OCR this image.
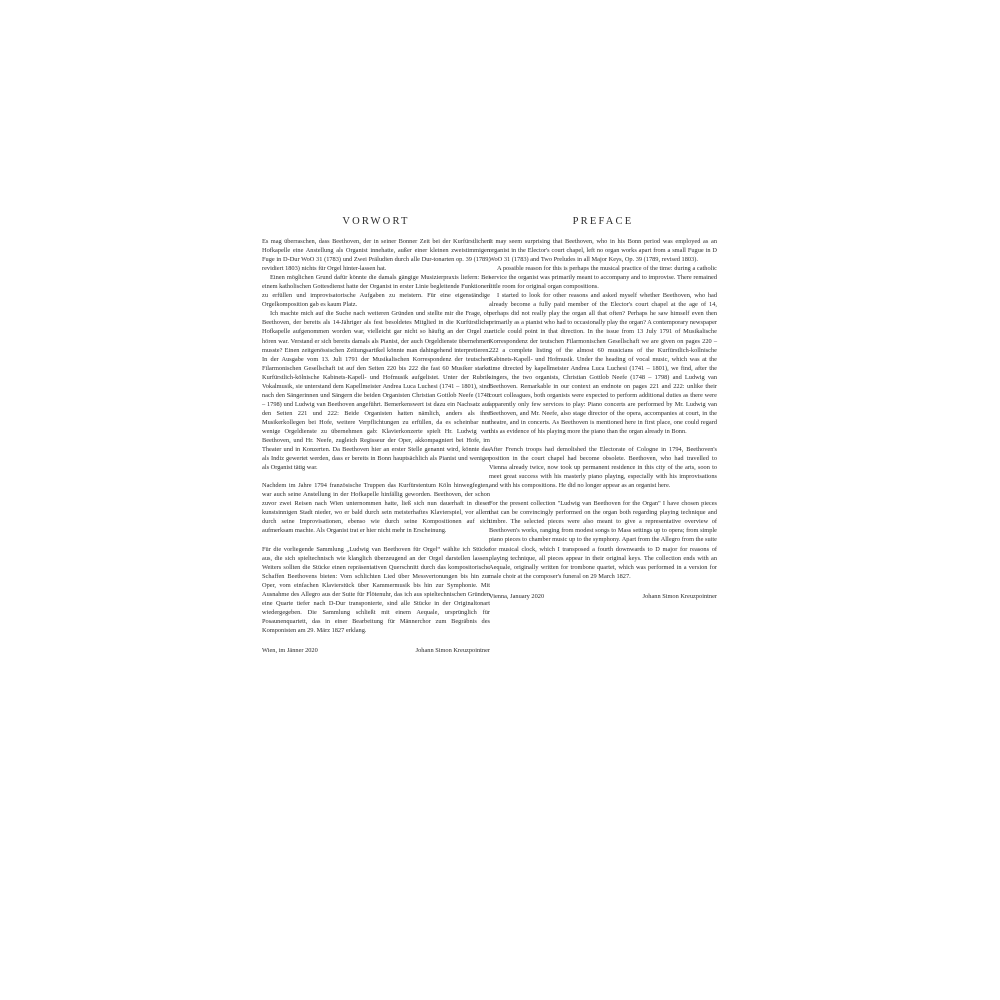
VORWORT

Es mag überraschen, dass Beethoven, der in seiner Bonner Zeit bei der Kurfürstlichen Hofkapelle eine Anstellung als Organist innehatte, außer einer kleinen zweistimmigen Fuge in D-Dur WoO 31 (1783) und Zwei Präludien durch alle Dur-tonarten op. 39 (1789, revidiert 1803) nichts für Orgel hinter-lassen hat.

Einen möglichen Grund dafür könnte die damals gängige Musizierpraxis liefern: Bei einem katholischen Gottesdienst hatte der Organist in erster Linie begleitende Funktionen zu erfüllen und improvisatorische Aufgaben zu meistern. Für eine eigenständige Orgelkomposition gab es kaum Platz.

Ich machte mich auf die Suche nach weiteren Gründen und stellte mir die Frage, ob Beethoven, der bereits als 14-Jähriger als fest besoldetes Mitglied in die Kurfürstliche Hofkapelle aufgenommen worden war, vielleicht gar nicht so häufig an der Orgel zu hören war. Verstand er sich bereits damals als Pianist, der auch Orgeldienste übernehmen musste? Einen zeitgenössischen Zeitungsartikel könnte man dahingehend interpretieren. In der Ausgabe vom 13. Juli 1791 der Musikalischen Korrespondenz der teutschen Filarmonischen Gesellschaft ist auf den Seiten 220 bis 222 die fast 60 Musiker starke Kurfürstlich-kölnische Kabinets-Kapell- und Hofmusik aufgelistet. Unter der Rubrik Vokalmusik, sie unterstand dem Kapellmeister Andrea Luca Luchesi (1741 – 1801), sind nach den Sängerinnen und Sängern die beiden Organisten Christian Gottlob Neefe (1748 – 1798) und Ludwig van Beethoven angeführt. Bemerkenswert ist dazu ein Nachsatz auf den Seiten 221 und 222: Beide Organisten hatten nämlich, anders als ihre Musikerkollegen bei Hofe, weitere Verpflichtungen zu erfüllen, da es scheinbar nur wenige Orgeldienste zu übernehmen gab: Klavierkonzerte spielt Hr. Ludwig van Beethoven, und Hr. Neefe, zugleich Regisseur der Oper, akkompagniert bei Hofe, im Theater und in Konzerten. Da Beethoven hier an erster Stelle genannt wird, könnte das als Indiz gewertet werden, dass er bereits in Bonn hauptsächlich als Pianist und weniger als Organist tätig war.

Nachdem im Jahre 1794 französische Truppen das Kurfürstentum Köln hinwegfegten, war auch seine Anstellung in der Hofkapelle hinfällig geworden. Beethoven, der schon zuvor zwei Reisen nach Wien unternommen hatte, ließ sich nun dauerhaft in dieser kunstsinnigen Stadt nieder, wo er bald durch sein meisterhaftes Klavierspiel, vor allem durch seine Improvisationen, ebenso wie durch seine Kompositionen auf sich aufmerksam machte. Als Organist trat er hier nicht mehr in Erscheinung.

Für die vorliegende Sammlung „Ludwig van Beethoven für Orgel“ wählte ich Stücke aus, die sich spieltechnisch wie klanglich überzeugend an der Orgel darstellen lassen. Weiters sollten die Stücke einen repräsentativen Querschnitt durch das kompositorische Schaffen Beethovens bieten: Vom schlichten Lied über Messvertonungen bis hin zur Oper, vom einfachen Klavierstück über Kammermusik bis hin zur Symphonie. Mit Ausnahme des Allegro aus der Suite für Flötenuhr, das ich aus spieltechnischen Gründen eine Quarte tiefer nach D-Dur transponierte, sind alle Stücke in der Originaltonart wiedergegeben. Die Sammlung schließt mit einem Aequale, ursprünglich für Posaunenquartett, das in einer Bearbeitung für Männerchor zum Begräbnis des Komponisten am 29. März 1827 erklang.

Wien, im Jänner 2020	Johann Simon Kreuzpointner
PREFACE

It may seem surprising that Beethoven, who in his Bonn period was employed as an organist in the Elector's court chapel, left no organ works apart from a small Fugue in D WoO 31 (1783) and Two Preludes in all Major Keys, Op. 39 (1789, revised 1803).

A possible reason for this is perhaps the musical practice of the time: during a catholic service the organist was primarily meant to accompany and to improvise. There remained little room for original organ compositions.

I started to look for other reasons and asked myself whether Beethoven, who had already become a fully paid member of the Elector's court chapel at the age of 14, perhaps did not really play the organ all that often? Perhaps he saw himself even then primarily as a pianist who had to occasionally play the organ? A contemporary newspaper article could point in that direction. In the issue from 13 July 1791 of Musikalische Korrespondenz der teutschen Filarmonischen Gesellschaft we are given on pages 220 – 222 a complete listing of the almost 60 musicians of the Kurfürstlich-kollnische Kabinets-Kapell- und Hofmusik. Under the heading of vocal music, which was at the time directed by kapellmeister Andrea Luca Luchesi (1741 – 1801), we find, after the singers, the two organists, Christian Gottlob Neefe (1748 – 1798) and Ludwig van Beethoven. Remarkable in our context an endnote on pages 221 and 222: unlike their court colleagues, both organists were expected to perform additional duties as there were apparently only few services to play: Piano concerts are performed by Mr. Ludwig van Beethoven, and Mr. Neefe, also stage director of the opera, accompanies at court, in the theatre, and in concerts. As Beethoven is mentioned here in first place, one could regard this as evidence of his playing more the piano than the organ already in Bonn.

After French troops had demolished the Electorate of Cologne in 1794, Beethoven's position in the court chapel had become obsolete. Beethoven, who had travelled to Vienna already twice, now took up permanent residence in this city of the arts, soon to meet great success with his masterly piano playing, especially with his improvisations and with his compositions. He did no longer appear as an organist here.

For the present collection "Ludwig van Beethoven for the Organ" I have chosen pieces that can be convincingly performed on the organ both regarding playing technique and timbre. The selected pieces were also meant to give a representative overview of Beethoven's works, ranging from modest songs to Mass settings up to opera; from simple piano pieces to chamber music up to the symphony. Apart from the Allegro from the suite for musical clock, which I transposed a fourth downwards to D major for reasons of playing technique, all pieces appear in their original keys. The collection ends with an Aequale, originally written for trombone quartet, which was performed in a version for male choir at the composer's funeral on 29 March 1827.

Vienna, January 2020	Johann Simon Kreuzpointner
